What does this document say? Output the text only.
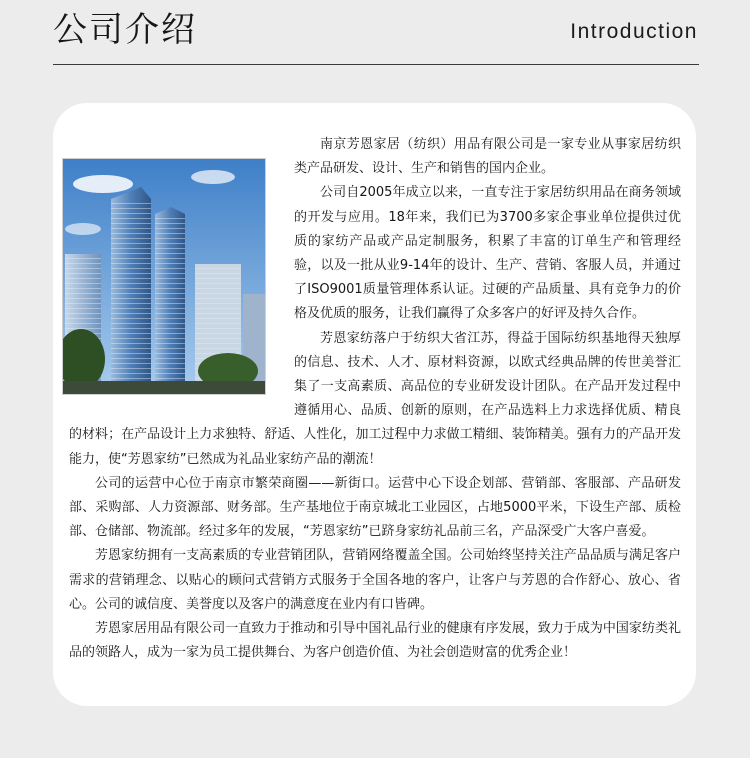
公司介绍	Introduction

南京芳恩家居（纺织）用品有限公司是一家专业从事家居纺织类产品研发、设计、生产和销售的国内企业。

公司自2005年成立以来，一直专注于家居纺织用品在商务领域的开发与应用。18年来，我们已为3700多家企事业单位提供过优质的家纺产品或产品定制服务，积累了丰富的订单生产和管理经验，以及一批从业9-14年的设计、生产、营销、客服人员，并通过了ISO9001质量管理体系认证。过硬的产品质量、具有竞争力的价格及优质的服务，让我们赢得了众多客户的好评及持久合作。

芳恩家纺落户于纺织大省江苏，得益于国际纺织基地得天独厚的信息、技术、人才、原材料资源，以欧式经典品牌的传世美誉汇集了一支高素质、高品位的专业研发设计团队。在产品开发过程中遵循用心、品质、创新的原则，在产品选料上力求选择优质、精良的材料；在产品设计上力求独特、舒适、人性化，加工过程中力求做工精细、装饰精美。强有力的产品开发能力，使“芳恩家纺”已然成为礼品业家纺产品的潮流！

公司的运营中心位于南京市繁荣商圈——新街口。运营中心下设企划部、营销部、客服部、产品研发部、采购部、人力资源部、财务部。生产基地位于南京城北工业园区，占地5000平米，下设生产部、质检部、仓储部、物流部。经过多年的发展，“芳恩家纺”已跻身家纺礼品前三名，产品深受广大客户喜爱。

芳恩家纺拥有一支高素质的专业营销团队，营销网络覆盖全国。公司始终坚持关注产品品质与满足客户需求的营销理念、以贴心的顾问式营销方式服务于全国各地的客户，让客户与芳恩的合作舒心、放心、省心。公司的诚信度、美誉度以及客户的满意度在业内有口皆碑。

芳恩家居用品有限公司一直致力于推动和引导中国礼品行业的健康有序发展，致力于成为中国家纺类礼品的领路人，成为一家为员工提供舞台、为客户创造价值、为社会创造财富的优秀企业！
